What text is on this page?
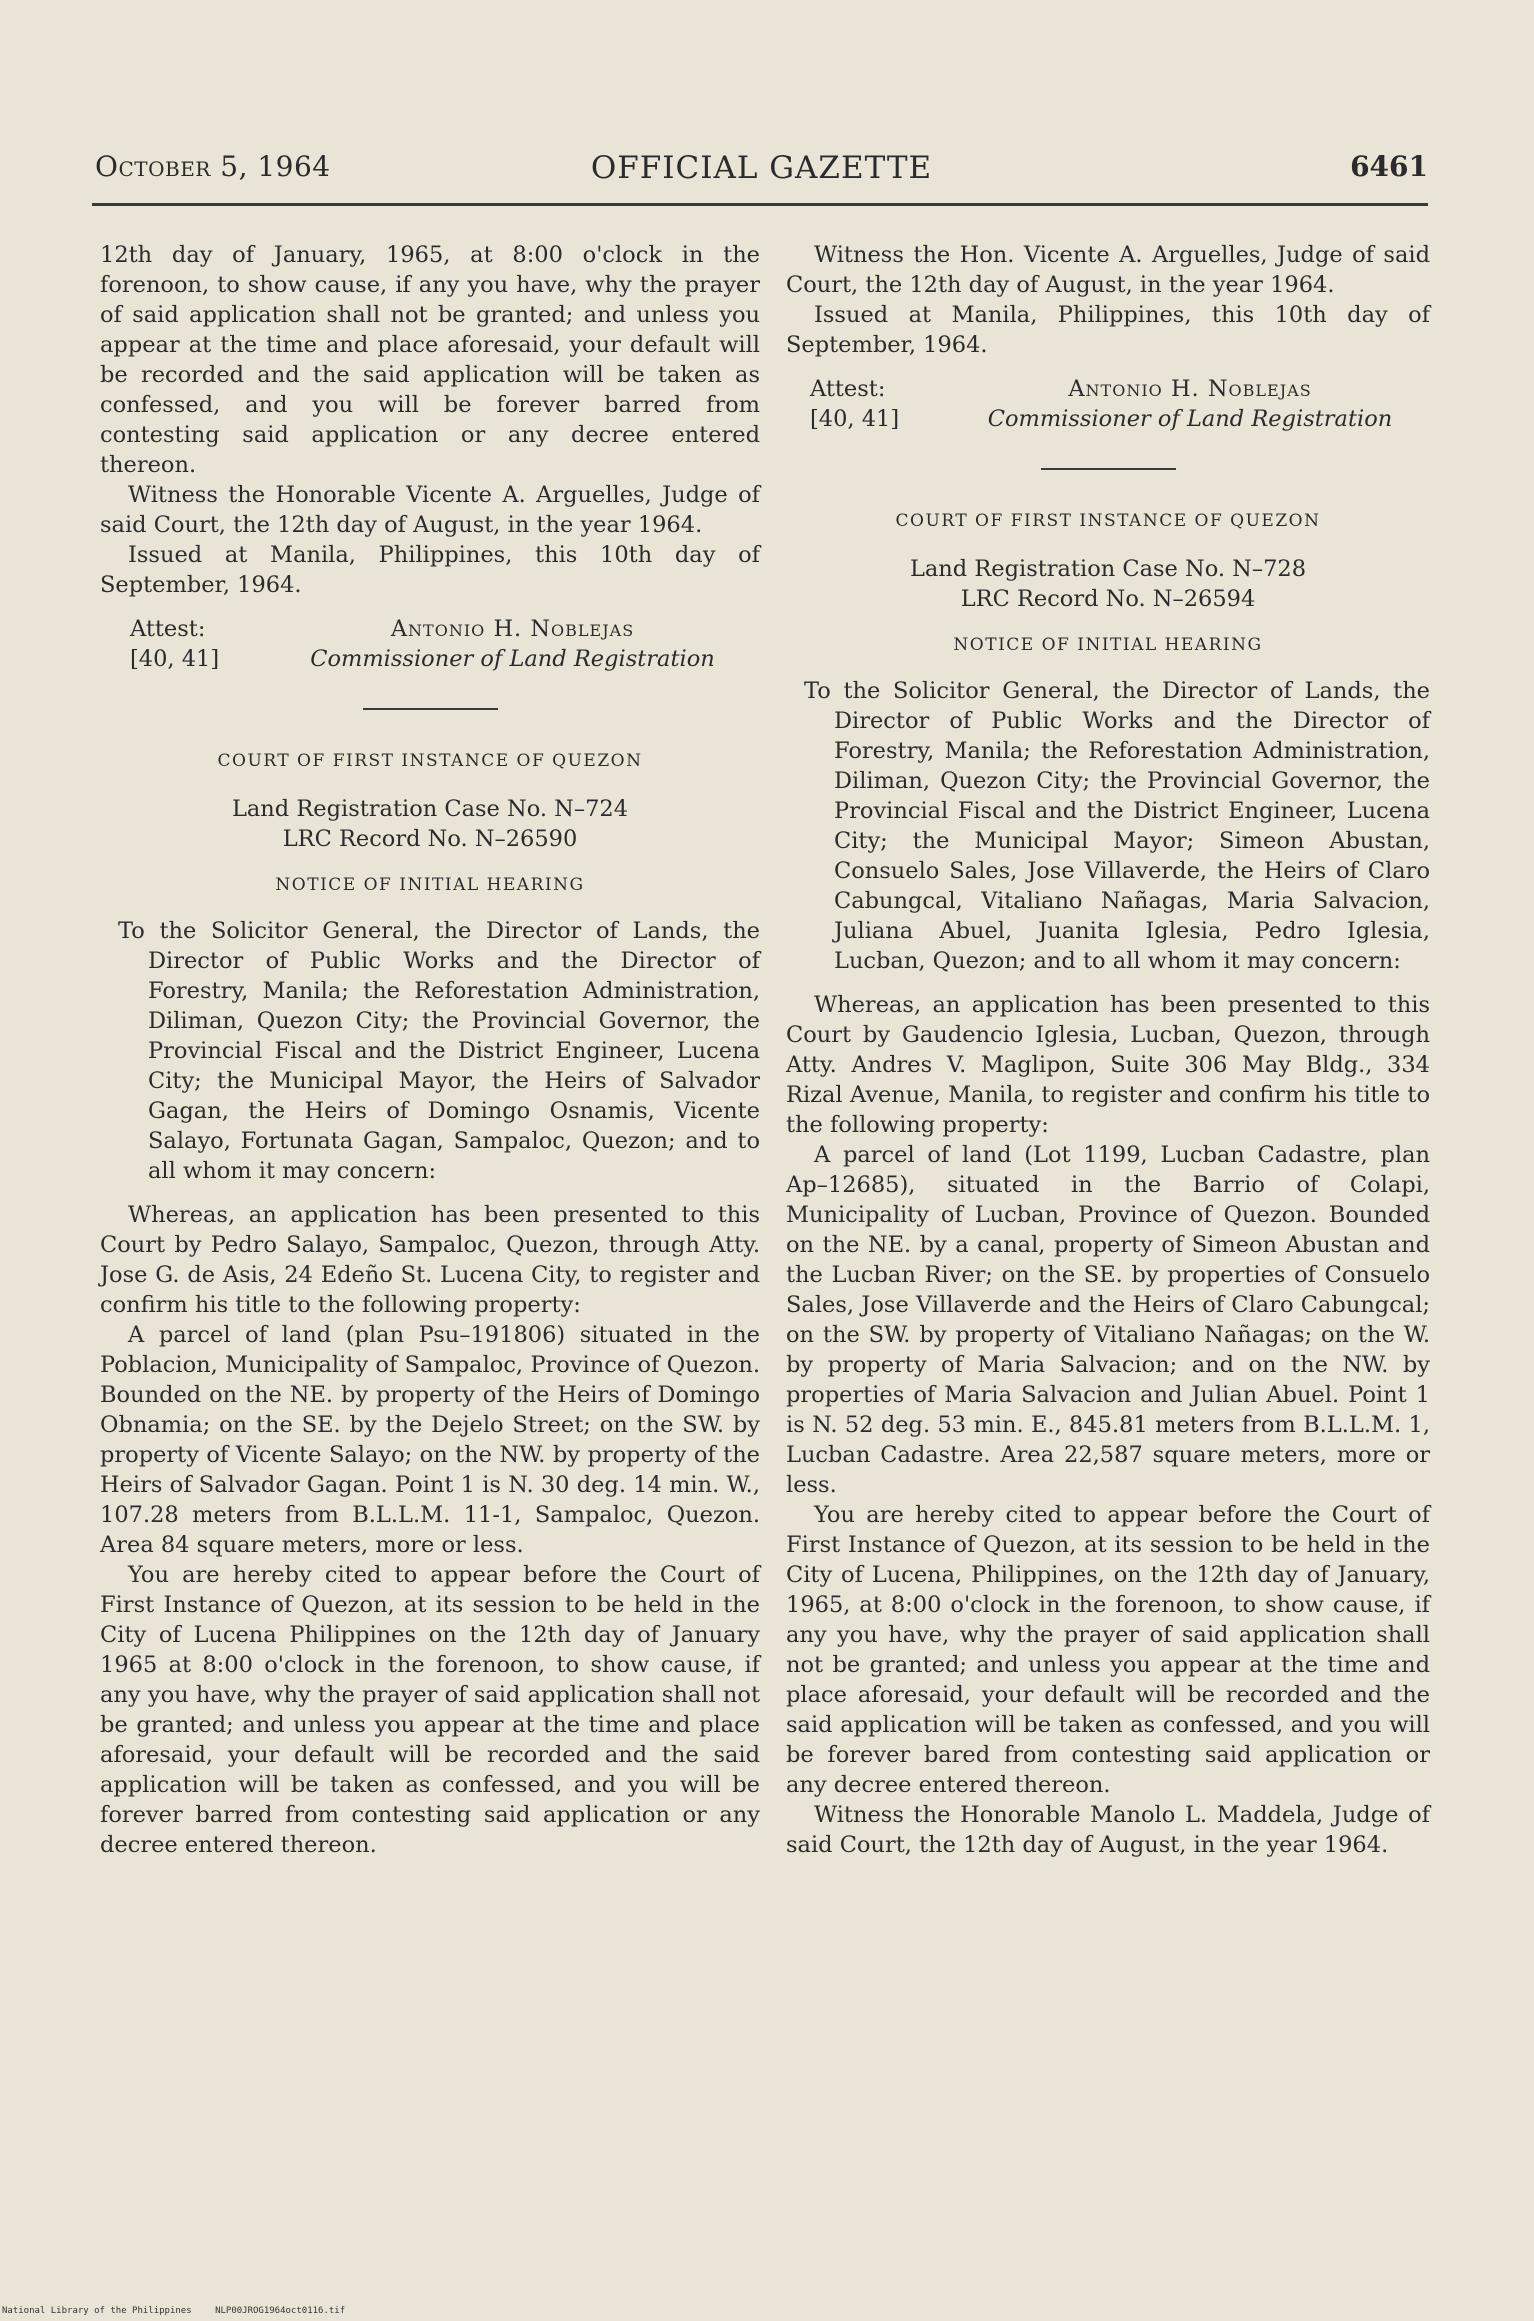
October 5, 1964	OFFICIAL GAZETTE	6461

12th day of January, 1965, at 8:00 o'clock in the forenoon, to show cause, if any you have, why the prayer of said application shall not be granted; and unless you appear at the time and place aforesaid, your default will be recorded and the said application will be taken as confessed, and you will be forever barred from contesting said application or any decree entered thereon.

Witness the Honorable Vicente A. Arguelles, Judge of said Court, the 12th day of August, in the year 1964.

Issued at Manila, Philippines, this 10th day of September, 1964.

Attest:
[40, 41]
Antonio H. Noblejas
Commissioner of Land Registration
COURT OF FIRST INSTANCE OF QUEZON
Land Registration Case No. N–724
LRC Record No. N–26590
NOTICE OF INITIAL HEARING

To the Solicitor General, the Director of Lands, the Director of Public Works and the Director of Forestry, Manila; the Reforestation Administration, Diliman, Quezon City; the Provincial Governor, the Provincial Fiscal and the District Engineer, Lucena City; the Municipal Mayor, the Heirs of Salvador Gagan, the Heirs of Domingo Osnamis, Vicente Salayo, Fortunata Gagan, Sampaloc, Quezon; and to all whom it may concern:

Whereas, an application has been presented to this Court by Pedro Salayo, Sampaloc, Quezon, through Atty. Jose G. de Asis, 24 Edeño St. Lucena City, to register and confirm his title to the following property:

A parcel of land (plan Psu–191806) situated in the Poblacion, Municipality of Sampaloc, Province of Quezon. Bounded on the NE. by property of the Heirs of Domingo Obnamia; on the SE. by the Dejelo Street; on the SW. by property of Vicente Salayo; on the NW. by property of the Heirs of Salvador Gagan. Point 1 is N. 30 deg. 14 min. W., 107.28 meters from B.L.L.M. 11-1, Sampaloc, Quezon. Area 84 square meters, more or less.

You are hereby cited to appear before the Court of First Instance of Quezon, at its session to be held in the City of Lucena Philippines on the 12th day of January 1965 at 8:00 o'clock in the forenoon, to show cause, if any you have, why the prayer of said application shall not be granted; and unless you appear at the time and place aforesaid, your default will be recorded and the said application will be taken as confessed, and you will be forever barred from contesting said application or any decree entered thereon.

Witness the Hon. Vicente A. Arguelles, Judge of said Court, the 12th day of August, in the year 1964.

Issued at Manila, Philippines, this 10th day of September, 1964.

Attest:
[40, 41]
Antonio H. Noblejas
Commissioner of Land Registration
COURT OF FIRST INSTANCE OF QUEZON
Land Registration Case No. N–728
LRC Record No. N–26594
NOTICE OF INITIAL HEARING

To the Solicitor General, the Director of Lands, the Director of Public Works and the Director of Forestry, Manila; the Reforestation Administration, Diliman, Quezon City; the Provincial Governor, the Provincial Fiscal and the District Engineer, Lucena City; the Municipal Mayor; Simeon Abustan, Consuelo Sales, Jose Villaverde, the Heirs of Claro Cabungcal, Vitaliano Nañagas, Maria Salvacion, Juliana Abuel, Juanita Iglesia, Pedro Iglesia, Lucban, Quezon; and to all whom it may concern:

Whereas, an application has been presented to this Court by Gaudencio Iglesia, Lucban, Quezon, through Atty. Andres V. Maglipon, Suite 306 May Bldg., 334 Rizal Avenue, Manila, to register and confirm his title to the following property:

A parcel of land (Lot 1199, Lucban Cadastre, plan Ap–12685), situated in the Barrio of Colapi, Municipality of Lucban, Province of Quezon. Bounded on the NE. by a canal, property of Simeon Abustan and the Lucban River; on the SE. by properties of Consuelo Sales, Jose Villaverde and the Heirs of Claro Cabungcal; on the SW. by property of Vitaliano Nañagas; on the W. by property of Maria Salvacion; and on the NW. by properties of Maria Salvacion and Julian Abuel. Point 1 is N. 52 deg. 53 min. E., 845.81 meters from B.L.L.M. 1, Lucban Cadastre. Area 22,587 square meters, more or less.

You are hereby cited to appear before the Court of First Instance of Quezon, at its session to be held in the City of Lucena, Philippines, on the 12th day of January, 1965, at 8:00 o'clock in the forenoon, to show cause, if any you have, why the prayer of said application shall not be granted; and unless you appear at the time and place aforesaid, your default will be recorded and the said application will be taken as confessed, and you will be forever bared from contesting said application or any decree entered thereon.

Witness the Honorable Manolo L. Maddela, Judge of said Court, the 12th day of August, in the year 1964.

National Library of the Philippines	NLP00JROG1964oct0116.tif
